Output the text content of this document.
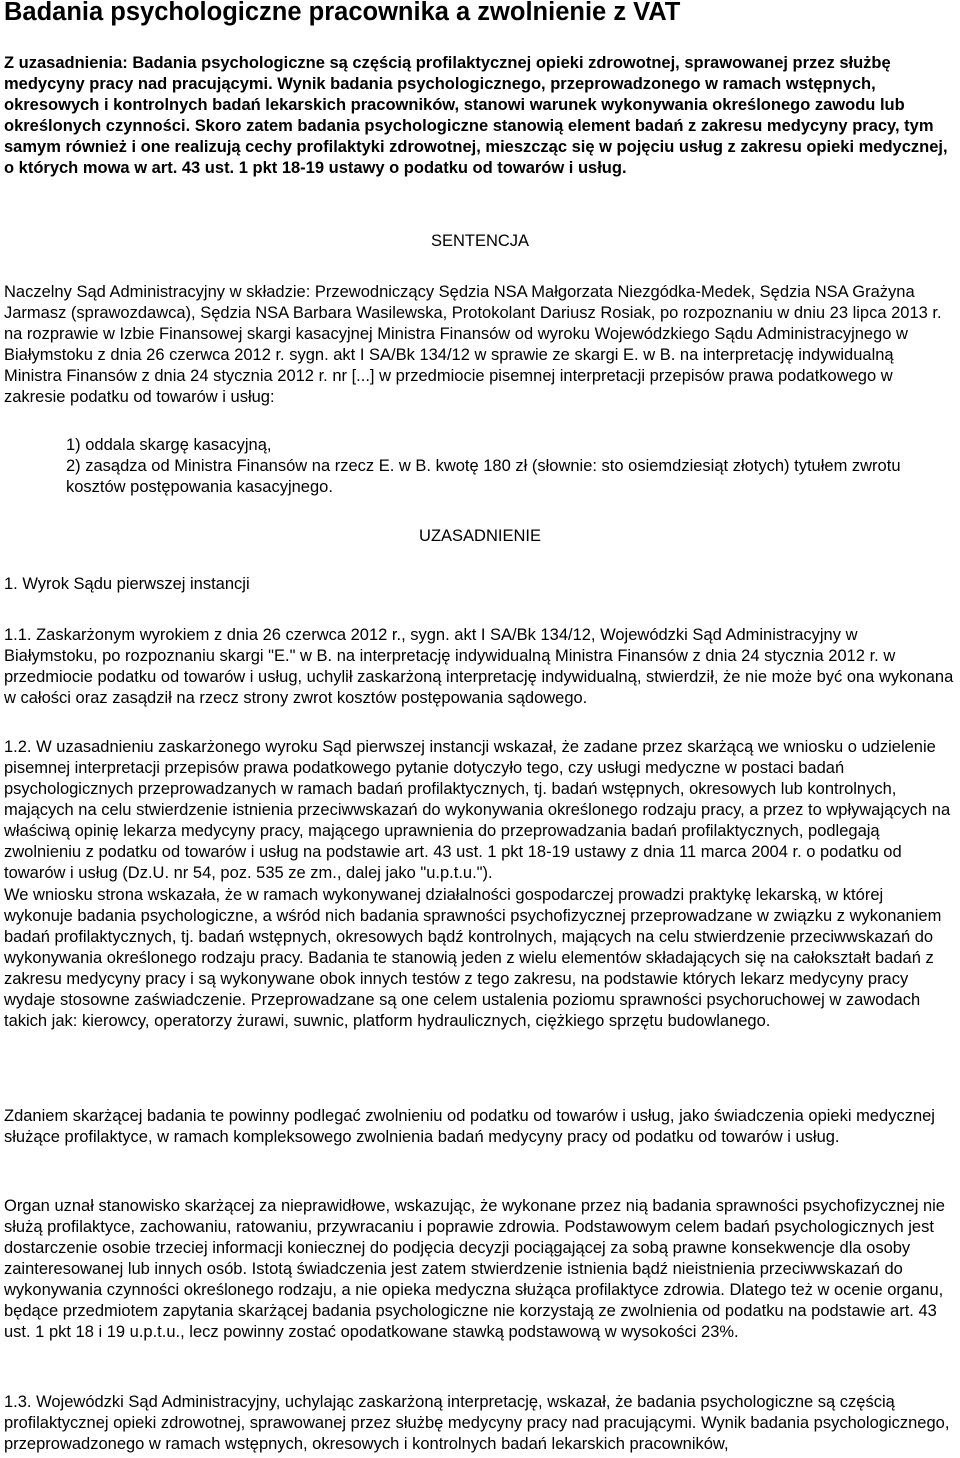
Badania psychologiczne pracownika a zwolnienie z VAT

Z uzasadnienia: Badania psychologiczne są częścią profilaktycznej opieki zdrowotnej, sprawowanej przez służbę medycyny pracy nad pracującymi. Wynik badania psychologicznego, przeprowadzonego w ramach wstępnych, okresowych i kontrolnych badań lekarskich pracowników, stanowi warunek wykonywania określonego zawodu lub określonych czynności. Skoro zatem badania psychologiczne stanowią element badań z zakresu medycyny pracy, tym samym również i one realizują cechy profilaktyki zdrowotnej, mieszcząc się w pojęciu usług z zakresu opieki medycznej, o których mowa w art. 43 ust. 1 pkt 18-19 ustawy o podatku od towarów i usług.

SENTENCJA

Naczelny Sąd Administracyjny w składzie: Przewodniczący Sędzia NSA Małgorzata Niezgódka-Medek, Sędzia NSA Grażyna Jarmasz (sprawozdawca), Sędzia NSA Barbara Wasilewska, Protokolant Dariusz Rosiak, po rozpoznaniu w dniu 23 lipca 2013 r. na rozprawie w Izbie Finansowej skargi kasacyjnej Ministra Finansów od wyroku Wojewódzkiego Sądu Administracyjnego w Białymstoku z dnia 26 czerwca 2012 r. sygn. akt I SA/Bk 134/12 w sprawie ze skargi E. w B. na interpretację indywidualną Ministra Finansów z dnia 24 stycznia 2012 r. nr [...] w przedmiocie pisemnej interpretacji przepisów prawa podatkowego w zakresie podatku od towarów i usług:

1) oddala skargę kasacyjną,
2) zasądza od Ministra Finansów na rzecz E. w B. kwotę 180 zł (słownie: sto osiemdziesiąt złotych) tytułem zwrotu kosztów postępowania kasacyjnego.
UZASADNIENIE

1. Wyrok Sądu pierwszej instancji

1.1. Zaskarżonym wyrokiem z dnia 26 czerwca 2012 r., sygn. akt I SA/Bk 134/12, Wojewódzki Sąd Administracyjny w Białymstoku, po rozpoznaniu skargi "E." w B. na interpretację indywidualną Ministra Finansów z dnia 24 stycznia 2012 r. w przedmiocie podatku od towarów i usług, uchylił zaskarżoną interpretację indywidualną, stwierdził, że nie może być ona wykonana w całości oraz zasądził na rzecz strony zwrot kosztów postępowania sądowego.

1.2. W uzasadnieniu zaskarżonego wyroku Sąd pierwszej instancji wskazał, że zadane przez skarżącą we wniosku o udzielenie pisemnej interpretacji przepisów prawa podatkowego pytanie dotyczyło tego, czy usługi medyczne w postaci badań psychologicznych przeprowadzanych w ramach badań profilaktycznych, tj. badań wstępnych, okresowych lub kontrolnych, mających na celu stwierdzenie istnienia przeciwwskazań do wykonywania określonego rodzaju pracy, a przez to wpływających na właściwą opinię lekarza medycyny pracy, mającego uprawnienia do przeprowadzania badań profilaktycznych, podlegają zwolnieniu z podatku od towarów i usług na podstawie art. 43 ust. 1 pkt 18-19 ustawy z dnia 11 marca 2004 r. o podatku od towarów i usług (Dz.U. nr 54, poz. 535 ze zm., dalej jako "u.p.t.u.").

We wniosku strona wskazała, że w ramach wykonywanej działalności gospodarczej prowadzi praktykę lekarską, w której wykonuje badania psychologiczne, a wśród nich badania sprawności psychofizycznej przeprowadzane w związku z wykonaniem badań profilaktycznych, tj. badań wstępnych, okresowych bądź kontrolnych, mających na celu stwierdzenie przeciwwskazań do wykonywania określonego rodzaju pracy. Badania te stanowią jeden z wielu elementów składających się na całokształt badań z zakresu medycyny pracy i są wykonywane obok innych testów z tego zakresu, na podstawie których lekarz medycyny pracy wydaje stosowne zaświadczenie. Przeprowadzane są one celem ustalenia poziomu sprawności psychoruchowej w zawodach takich jak: kierowcy, operatorzy żurawi, suwnic, platform hydraulicznych, ciężkiego sprzętu budowlanego.

Zdaniem skarżącej badania te powinny podlegać zwolnieniu od podatku od towarów i usług, jako świadczenia opieki medycznej służące profilaktyce, w ramach kompleksowego zwolnienia badań medycyny pracy od podatku od towarów i usług.

Organ uznał stanowisko skarżącej za nieprawidłowe, wskazując, że wykonane przez nią badania sprawności psychofizycznej nie służą profilaktyce, zachowaniu, ratowaniu, przywracaniu i poprawie zdrowia. Podstawowym celem badań psychologicznych jest dostarczenie osobie trzeciej informacji koniecznej do podjęcia decyzji pociągającej za sobą prawne konsekwencje dla osoby zainteresowanej lub innych osób. Istotą świadczenia jest zatem stwierdzenie istnienia bądź nieistnienia przeciwwskazań do wykonywania czynności określonego rodzaju, a nie opieka medyczna służąca profilaktyce zdrowia. Dlatego też w ocenie organu, będące przedmiotem zapytania skarżącej badania psychologiczne nie korzystają ze zwolnienia od podatku na podstawie art. 43 ust. 1 pkt 18 i 19 u.p.t.u., lecz powinny zostać opodatkowane stawką podstawową w wysokości 23%.

1.3. Wojewódzki Sąd Administracyjny, uchylając zaskarżoną interpretację, wskazał, że badania psychologiczne są częścią profilaktycznej opieki zdrowotnej, sprawowanej przez służbę medycyny pracy nad pracującymi. Wynik badania psychologicznego, przeprowadzonego w ramach wstępnych, okresowych i kontrolnych badań lekarskich pracowników,
